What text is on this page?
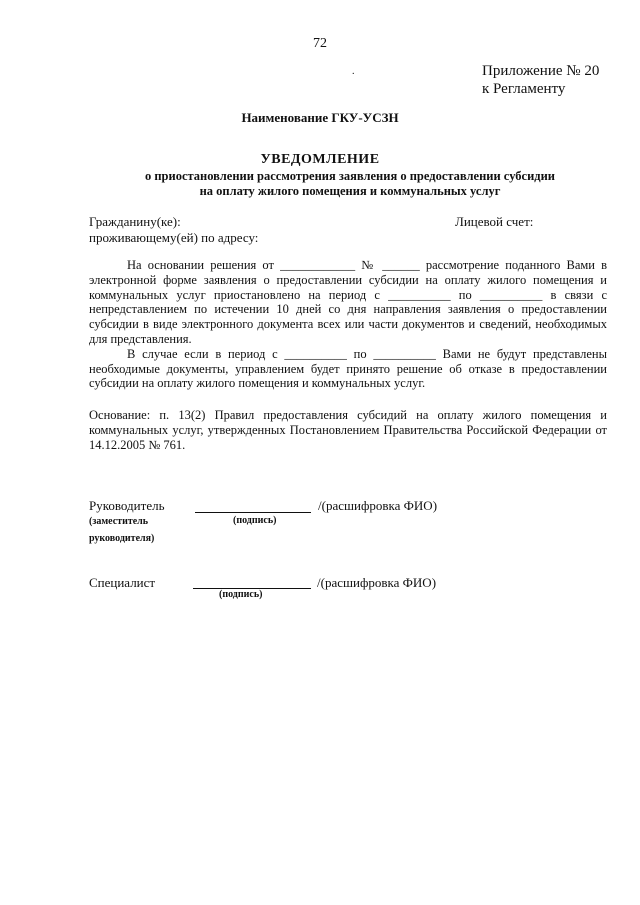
72
.	Приложение № 20
к Регламенту
Наименование ГКУ-УСЗН
УВЕДОМЛЕНИЕ
о приостановлении рассмотрения заявления о предоставлении субсидии
на оплату жилого помещения и коммунальных услуг
Гражданину(ке):
проживающему(ей) по адресу:
Лицевой счет:

На основании решения от ____________ № ______ рассмотрение поданного Вами в электронной форме заявления о предоставлении субсидии на оплату жилого помещения и коммунальных услуг приостановлено на период с __________ по __________ в связи с непредставлением по истечении 10 дней со дня направления заявления о предоставлении субсидии в виде электронного документа всех или части документов и сведений, необходимых для представления.

В случае если в период с __________ по __________ Вами не будут представлены необходимые документы, управлением будет принято решение об отказе в предоставлении субсидии на оплату жилого помещения и коммунальных услуг.

Основание: п. 13(2) Правил предоставления субсидий на оплату жилого помещения и коммунальных услуг, утвержденных Постановлением Правительства Российской Федерации от 14.12.2005 № 761.
Руководитель
(заместитель
руководителя)
(подпись)
/(расшифровка ФИО)
Специалист
(подпись)
/(расшифровка ФИО)
